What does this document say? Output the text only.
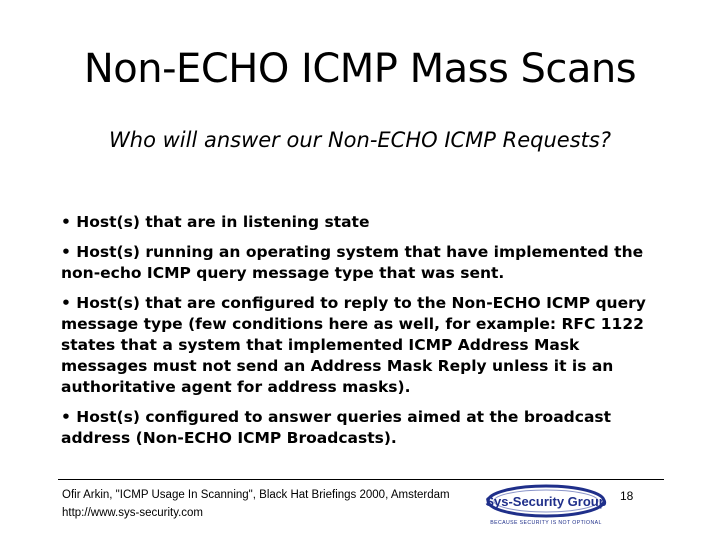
Non-ECHO ICMP Mass Scans
Who will answer our Non-ECHO ICMP Requests?
• Host(s) that are in listening state
• Host(s) running an operating system that have implemented the non-echo ICMP query message type that was sent.
• Host(s) that are configured to reply to the Non-ECHO ICMP query message type (few conditions here as well, for example: RFC 1122 states that a system that implemented ICMP Address Mask messages must not send an Address Mask Reply unless it is an authoritative agent for address masks).
• Host(s) configured to answer queries aimed at the broadcast address (Non-ECHO ICMP Broadcasts).
Ofir Arkin, "ICMP Usage In Scanning", Black Hat Briefings 2000, Amsterdam
http://www.sys-security.com
Sys-Security Group
BECAUSE SECURITY IS NOT OPTIONAL
18
